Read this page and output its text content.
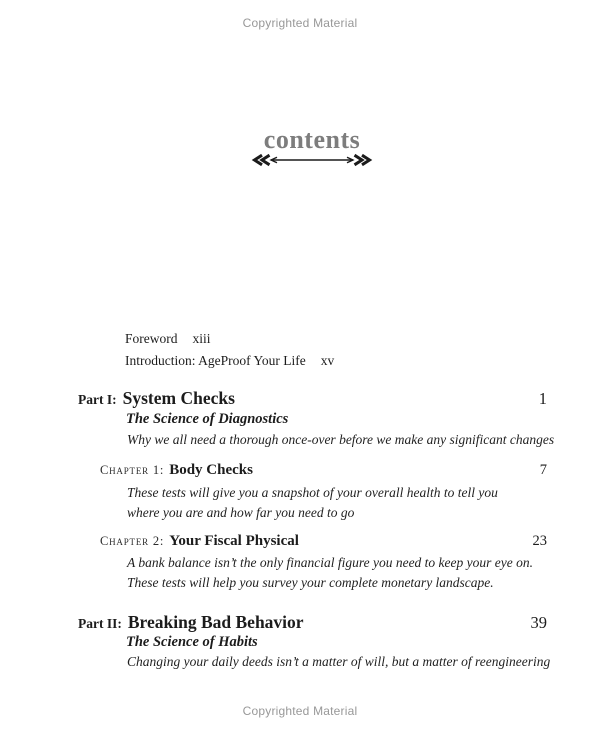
Copyrighted Material
contents
Foreword xiii
Introduction: AgeProof Your Life xv
Part I: System Checks	1
The Science of Diagnostics
Why we all need a thorough once-over before we make any significant changes
Chapter 1: Body Checks	7
These tests will give you a snapshot of your overall health to tell you
where you are and how far you need to go
Chapter 2: Your Fiscal Physical	23
A bank balance isn’t the only financial figure you need to keep your eye on.
These tests will help you survey your complete monetary landscape.
Part II: Breaking Bad Behavior	39
The Science of Habits
Changing your daily deeds isn’t a matter of will, but a matter of reengineering
Copyrighted Material
